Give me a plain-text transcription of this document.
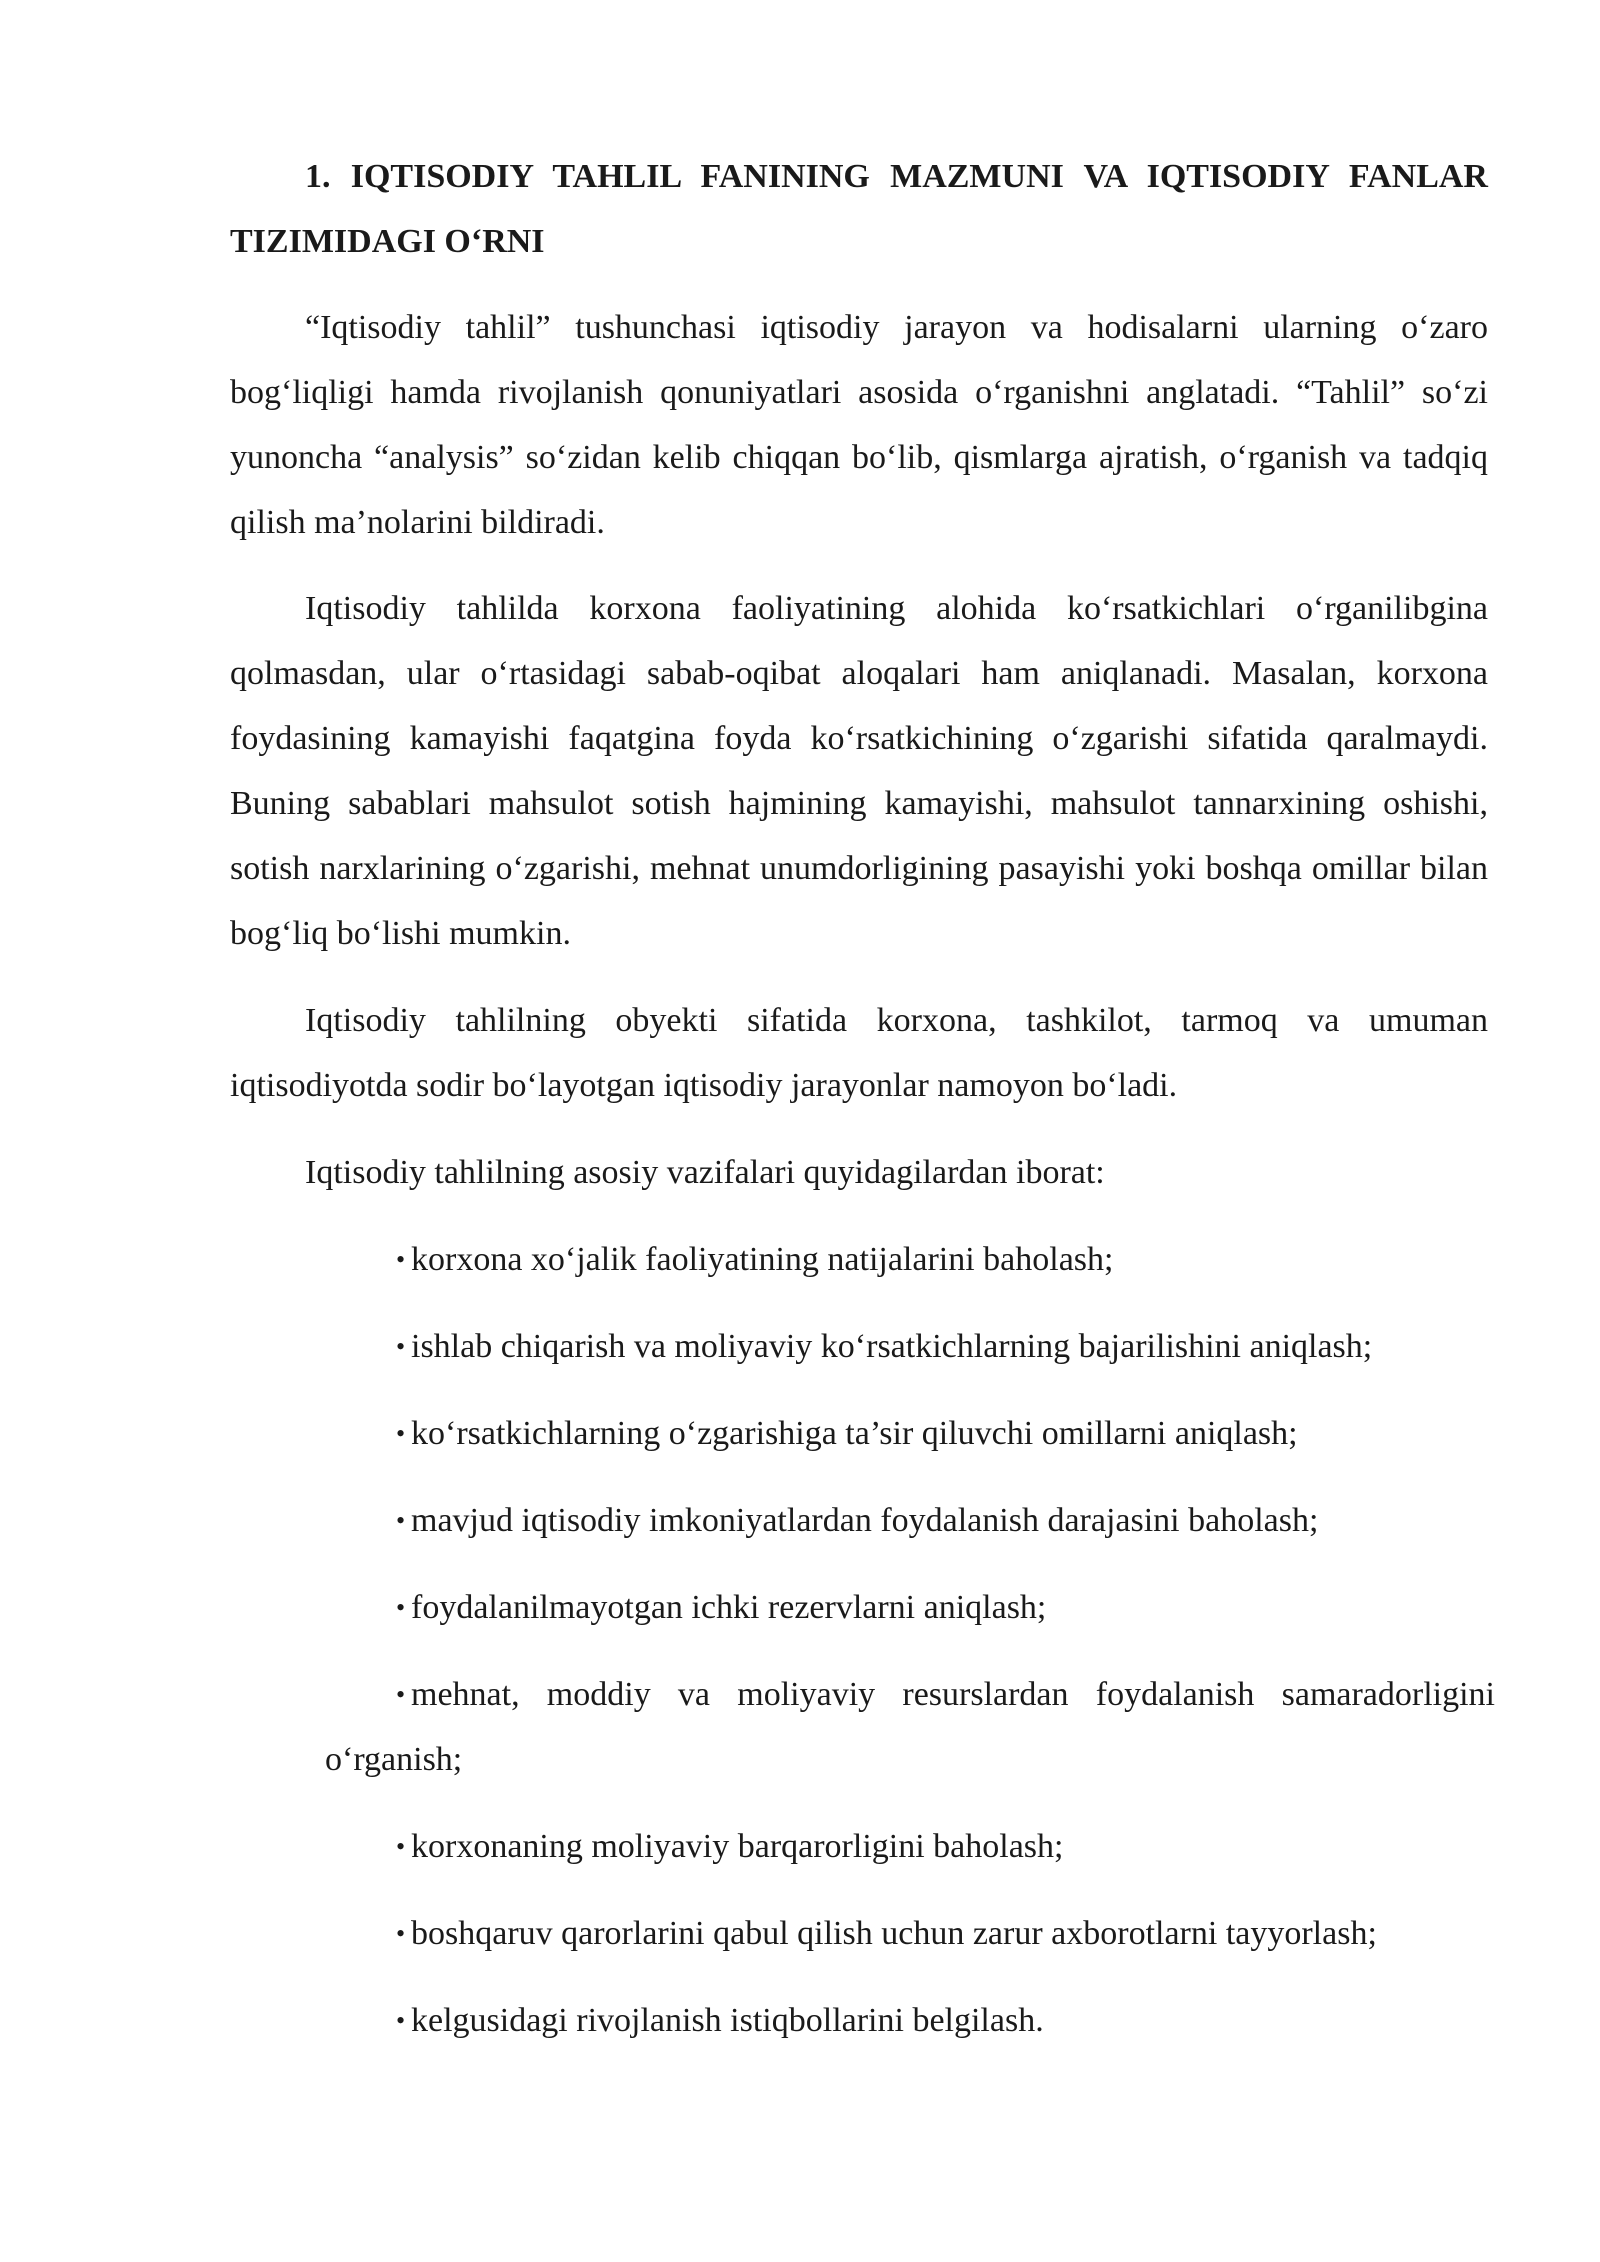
1. IQTISODIY TAHLIL FANINING MAZMUNI VA IQTISODIY FANLAR TIZIMIDAGI O‘RNI

“Iqtisodiy tahlil” tushunchasi iqtisodiy jarayon va hodisalarni ularning o‘zaro bog‘liqligi hamda rivojlanish qonuniyatlari asosida o‘rganishni anglatadi. “Tahlil” so‘zi yunoncha “analysis” so‘zidan kelib chiqqan bo‘lib, qismlarga ajratish, o‘rganish va tadqiq qilish ma’nolarini bildiradi.

Iqtisodiy tahlilda korxona faoliyatining alohida ko‘rsatkichlari o‘rganilibgina qolmasdan, ular o‘rtasidagi sabab-oqibat aloqalari ham aniqlanadi. Masalan, korxona foydasining kamayishi faqatgina foyda ko‘rsatkichining o‘zgarishi sifatida qaralmaydi. Buning sabablari mahsulot sotish hajmining kamayishi, mahsulot tannarxining oshishi, sotish narxlarining o‘zgarishi, mehnat unumdorligining pasayishi yoki boshqa omillar bilan bog‘liq bo‘lishi mumkin.

Iqtisodiy tahlilning obyekti sifatida korxona, tashkilot, tarmoq va umuman iqtisodiyotda sodir bo‘layotgan iqtisodiy jarayonlar namoyon bo‘ladi.

Iqtisodiy tahlilning asosiy vazifalari quyidagilardan iborat:

• korxona xo‘jalik faoliyatining natijalarini baholash;
• ishlab chiqarish va moliyaviy ko‘rsatkichlarning bajarilishini aniqlash;
• ko‘rsatkichlarning o‘zgarishiga ta’sir qiluvchi omillarni aniqlash;
• mavjud iqtisodiy imkoniyatlardan foydalanish darajasini baholash;
• foydalanilmayotgan ichki rezervlarni aniqlash;
• mehnat, moddiy va moliyaviy resurslardan foydalanish samaradorligini o‘rganish;
• korxonaning moliyaviy barqarorligini baholash;
• boshqaruv qarorlarini qabul qilish uchun zarur axborotlarni tayyorlash;
• kelgusidagi rivojlanish istiqbollarini belgilash.
